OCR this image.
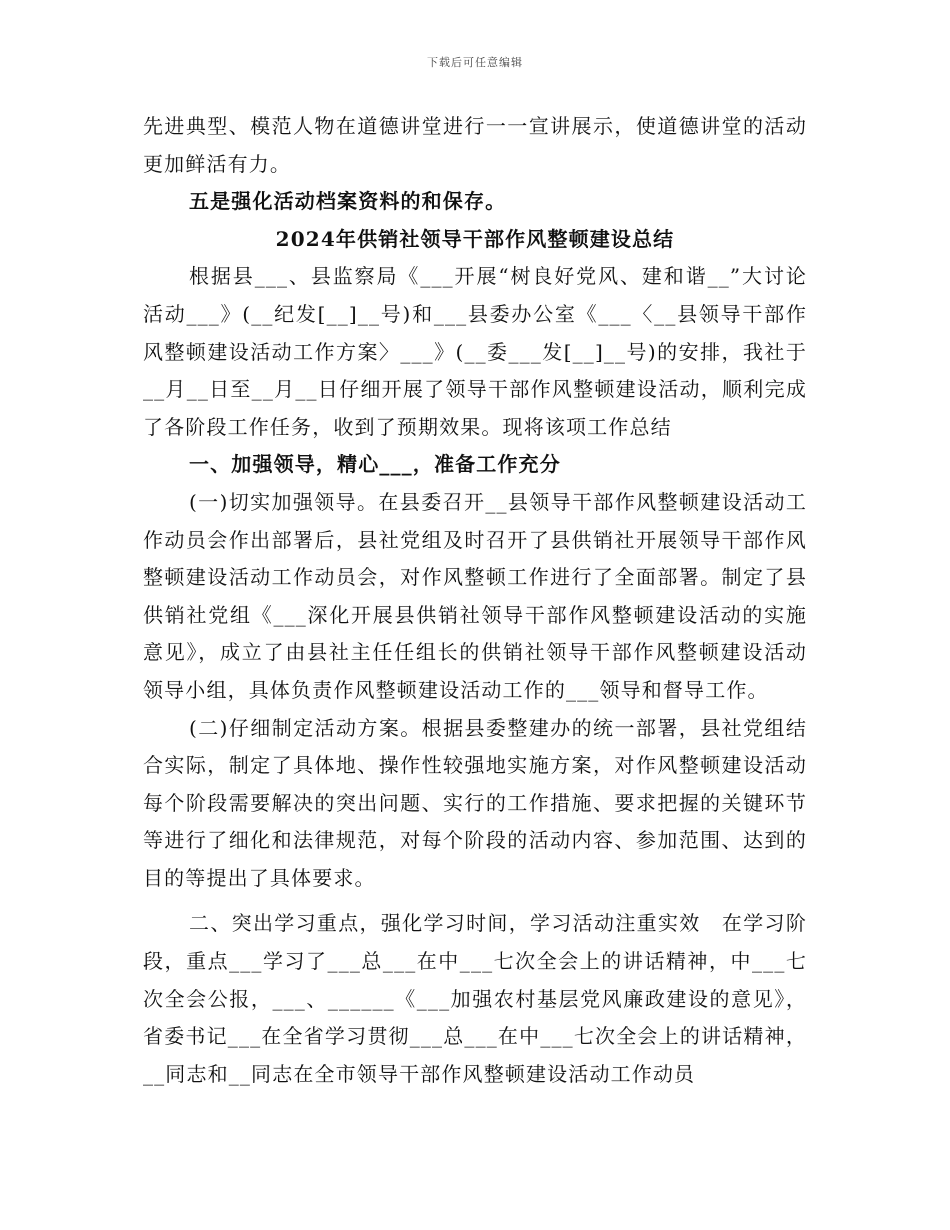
下载后可任意编辑

先进典型、模范人物在道德讲堂进行一一宣讲展示，使道德讲堂的活动更加鲜活有力。

五是强化活动档案资料的和保存。

2024年供销社领导干部作风整顿建设总结

根据县___、县监察局《___开展“树良好党风、建和谐__”大讨论活动___》(__纪发[__]__号)和___县委办公室《___〈__县领导干部作风整顿建设活动工作方案〉___》(__委___发[__]__号)的安排，我社于__月__日至__月__日仔细开展了领导干部作风整顿建设活动，顺利完成了各阶段工作任务，收到了预期效果。现将该项工作总结

一、加强领导，精心___，准备工作充分

(一)切实加强领导。在县委召开__县领导干部作风整顿建设活动工作动员会作出部署后，县社党组及时召开了县供销社开展领导干部作风整顿建设活动工作动员会，对作风整顿工作进行了全面部署。制定了县供销社党组《___深化开展县供销社领导干部作风整顿建设活动的实施意见》，成立了由县社主任任组长的供销社领导干部作风整顿建设活动领导小组，具体负责作风整顿建设活动工作的___领导和督导工作。

(二)仔细制定活动方案。根据县委整建办的统一部署，县社党组结合实际，制定了具体地、操作性较强地实施方案，对作风整顿建设活动每个阶段需要解决的突出问题、实行的工作措施、要求把握的关键环节等进行了细化和法律规范，对每个阶段的活动内容、参加范围、达到的目的等提出了具体要求。

二、突出学习重点，强化学习时间，学习活动注重实效　在学习阶段，重点___学习了___总___在中___七次全会上的讲话精神，中___七次全会公报，___、______《___加强农村基层党风廉政建设的意见》，省委书记___在全省学习贯彻___总___在中___七次全会上的讲话精神，__同志和__同志在全市领导干部作风整顿建设活动工作动员
